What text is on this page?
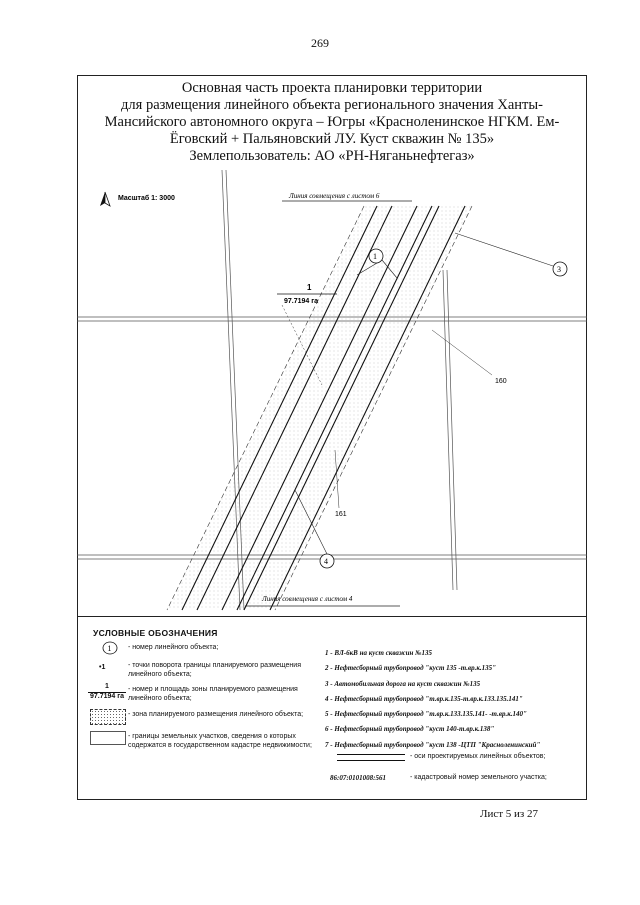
269
Основная часть проекта планировки территории
для размещения линейного объекта регионального значения Ханты-
Мансийского автономного округа – Югры «Красноленинское НГКМ. Ем-
Ёговский + Пальяновский ЛУ. Куст скважин № 135»
Землепользователь: АО «РН-Няганьнефтегаз»
Масштаб 1: 3000	Линия совмещения с листом 6
1
97.7194 га
1
3
4
160
161
Линия совмещения с листом 4
УСЛОВНЫЕ ОБОЗНАЧЕНИЯ
1 - номер линейного объекта;
•1	- точки поворота границы планируемого размещения линейного объекта;
1
97.7194 га
- номер и площадь зоны планируемого размещения линейного объекта;
- зона планируемого размещения линейного объекта;
- границы земельных участков, сведения о которых содержатся в государственном кадастре недвижимости;
1 - ВЛ-6кВ на куст скважин №135
2 - Нефтесборный трубопровод "куст 135 -т.вр.к.135"
3 - Автомобильная дорога на куст скважин №135
4 - Нефтесборный трубопровод "т.вр.к.135-т.вр.к.133.135.141"
5 - Нефтесборный трубопровод "т.вр.к.133.135.141- -т.вр.к.140"
6 - Нефтесборный трубопровод "куст 140-т.вр.к.138"
7 - Нефтесборный трубопровод "куст 138 -ЦТП "Красноленинский"
- оси проектируемых линейных объектов;
86:07:0101008:561	- кадастровый номер земельного участка;
Лист 5 из 27
